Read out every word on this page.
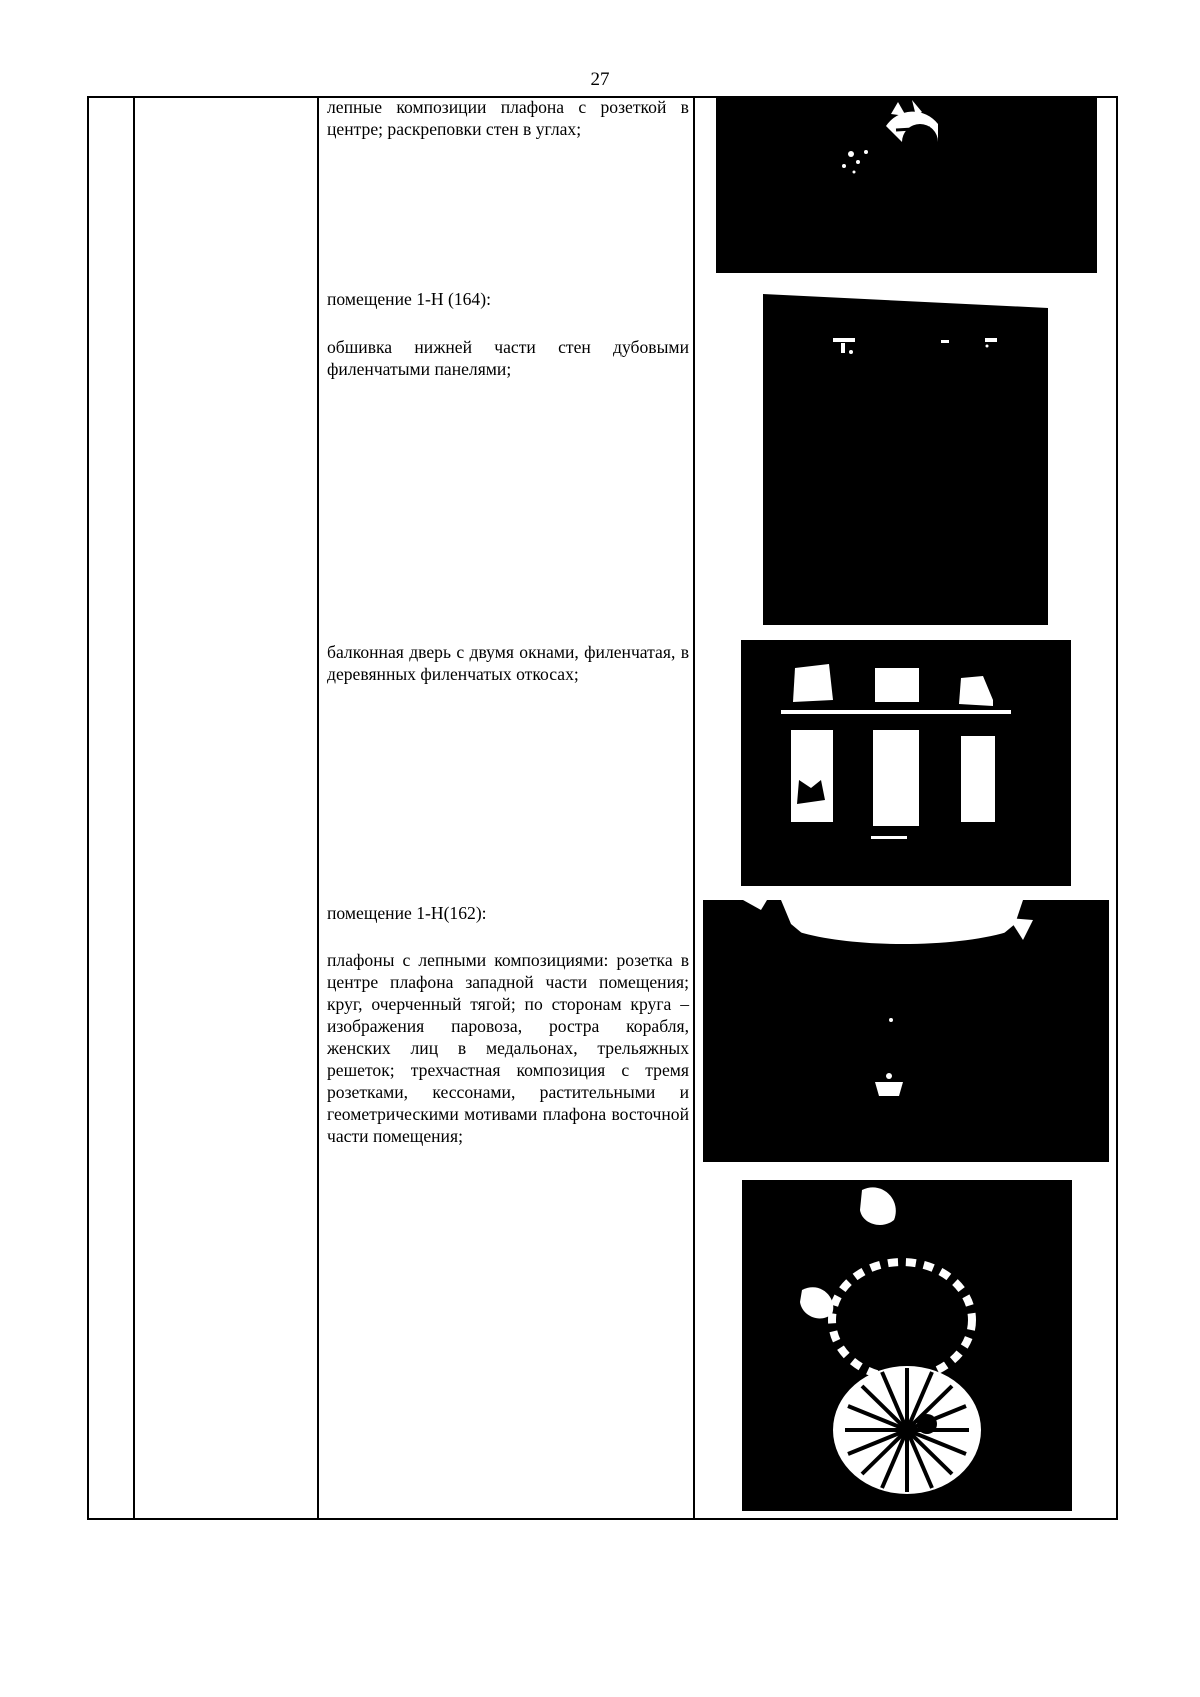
27

лепные композиции плафона с розеткой в центре; раскреповки стен в углах;

помещение 1-Н (164):

обшивка нижней части стен дубовыми филенчатыми панелями;

балконная дверь с двумя окнами, филенчатая, в деревянных филенчатых откосах;

помещение 1-Н(162):

плафоны с лепными композициями: розетка в центре плафона западной части помещения; круг, очерченный тягой; по сторонам круга – изображения паровоза, ростра корабля, женских лиц в медальонах, трельяжных решеток; трехчастная композиция с тремя розетками, кессонами, растительными и геометрическими мотивами плафона восточной части помещения;
